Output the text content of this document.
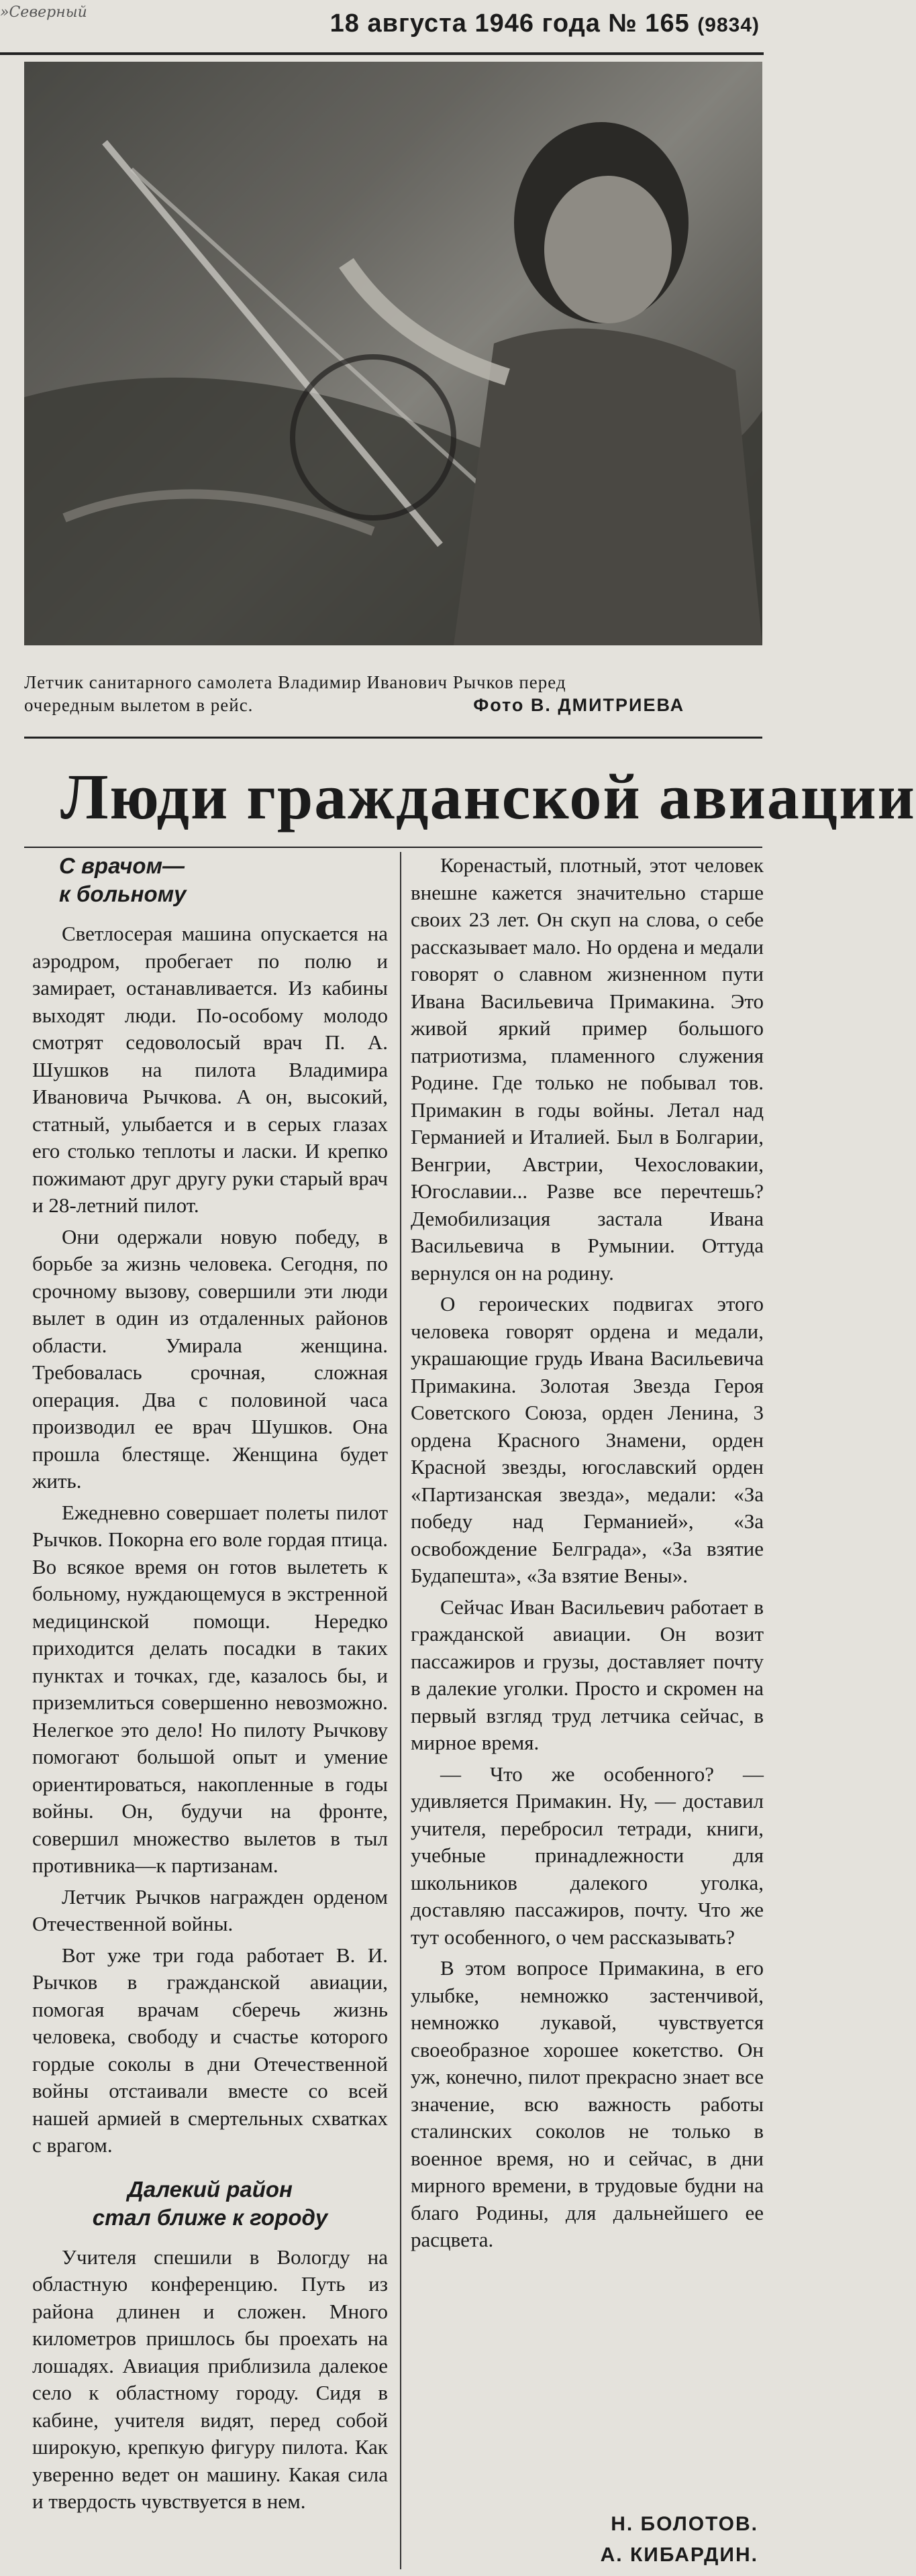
»Северный	18 августа 1946 года № 165 (9834)
Летчик санитарного самолета Владимир Иванович Рычков перед
очередным вылетом в рейс.	Фото В. ДМИТРИЕВА
Люди гражданской авиации
С врачом—
к больному

Светлосерая машина опускается на аэродром, пробегает по полю и замирает, останавливается. Из кабины выходят люди. По-особому молодо смотрят седоволосый врач П. А. Шушков на пилота Владимира Ивановича Рычкова. А он, высокий, статный, улыбается и в серых глазах его столько теплоты и ласки. И крепко пожимают друг другу руки старый врач и 28-летний пилот.

Они одержали новую победу, в борьбе за жизнь человека. Сегодня, по срочному вызову, совершили эти люди вылет в один из отдаленных районов области. Умирала женщина. Требовалась срочная, сложная операция. Два с половиной часа производил ее врач Шушков. Она прошла блестяще. Женщина будет жить.

Ежедневно совершает полеты пилот Рычков. Покорна его воле гордая птица. Во всякое время он готов вылететь к больному, нуждающемуся в экстренной медицинской помощи. Нередко приходится делать посадки в таких пунктах и точках, где, казалось бы, и приземлиться совершенно невозможно. Нелегкое это дело! Но пилоту Рычкову помогают большой опыт и умение ориентироваться, накопленные в годы войны. Он, будучи на фронте, совершил множество вылетов в тыл противника—к партизанам.

Летчик Рычков награжден орденом Отечественной войны.

Вот уже три года работает В. И. Рычков в гражданской авиации, помогая врачам сберечь жизнь человека, свободу и счастье которого гордые соколы в дни Отечественной войны отстаивали вместе со всей нашей армией в смертельных схватках с врагом.

Далекий район
стал ближе к городу

Учителя спешили в Вологду на областную конференцию. Путь из района длинен и сложен. Много километров пришлось бы проехать на лошадях. Авиация приблизила далекое село к областному городу. Сидя в кабине, учителя видят, перед собой широкую, крепкую фигуру пилота. Как уверенно ведет он машину. Какая сила и твердость чувствуется в нем.

Коренастый, плотный, этот человек внешне кажется значительно старше своих 23 лет. Он скуп на слова, о себе рассказывает мало. Но ордена и медали говорят о славном жизненном пути Ивана Васильевича Примакина. Это живой яркий пример большого патриотизма, пламенного служения Родине. Где только не побывал тов. Примакин в годы войны. Летал над Германией и Италией. Был в Болгарии, Венгрии, Австрии, Чехословакии, Югославии... Разве все перечтешь? Демобилизация застала Ивана Васильевича в Румынии. Оттуда вернулся он на родину.

О героических подвигах этого человека говорят ордена и медали, украшающие грудь Ивана Васильевича Примакина. Золотая Звезда Героя Советского Союза, орден Ленина, 3 ордена Красного Знамени, орден Красной звезды, югославский орден «Партизанская звезда», медали: «За победу над Германией», «За освобождение Белграда», «За взятие Будапешта», «За взятие Вены».

Сейчас Иван Васильевич работает в гражданской авиации. Он возит пассажиров и грузы, доставляет почту в далекие уголки. Просто и скромен на первый взгляд труд летчика сейчас, в мирное время.

— Что же особенного? — удивляется Примакин. Ну, — доставил учителя, перебросил тетради, книги, учебные принадлежности для школьников далекого уголка, доставляю пассажиров, почту. Что же тут особенного, о чем рассказывать?

В этом вопросе Примакина, в его улыбке, немножко застенчивой, немножко лукавой, чувствуется своеобразное хорошее кокетство. Он уж, конечно, пилот прекрасно знает все значение, всю важность работы сталинских соколов не только в военное время, но и сейчас, в дни мирного времени, в трудовые будни на благо Родины, для дальнейшего ее расцвета.

Н. БОЛОТОВ.
А. КИБАРДИН.
